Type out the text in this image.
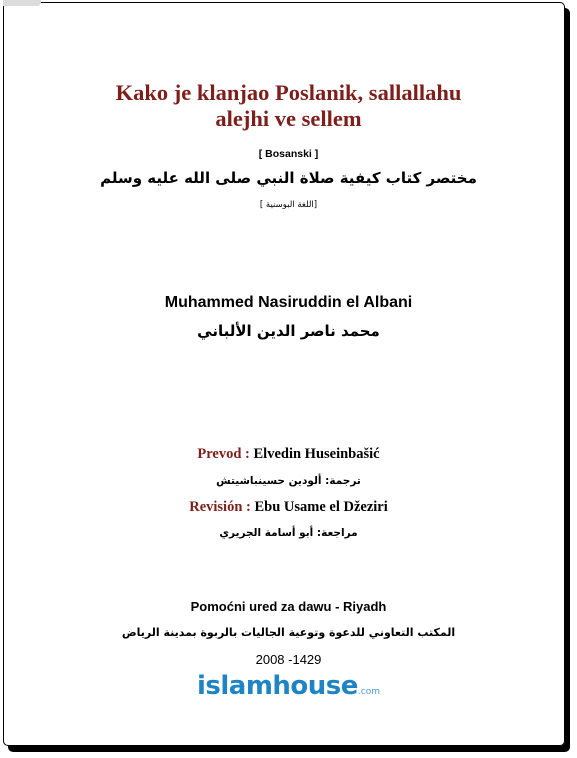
Kako je klanjao Poslanik, sallallahu
alejhi ve sellem
[ Bosanski ]
مختصر كتاب كيفية صلاة النبي صلى الله عليه وسلم
[اللغة البوسنية ]
Muhammed Nasiruddin el Albani
محمد ناصر الدين الألباني
Prevod : Elvedin Huseinbašić
ترجمة: ألودين حسينباشيتش
Revisión : Ebu Usame el Džeziri
مراجعة: أبو أسامة الجريري
Pomoćni ured za dawu - Riyadh
المكتب التعاوني للدعوة وتوعية الجاليات بالربوة بمدينة الرياض
2008 -1429
islamhouse.com
